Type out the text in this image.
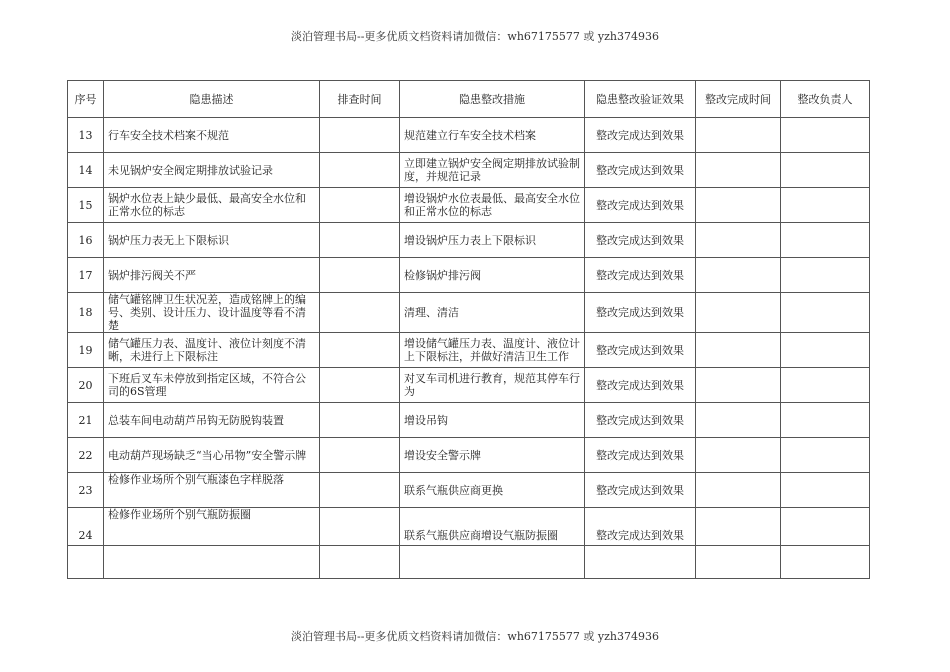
淡泊管理书局--更多优质文档资料请加微信：wh67175577 或 yzh374936
序号	隐患描述	排查时间	隐患整改措施	隐患整改验证效果	整改完成时间	整改负责人
13	行车安全技术档案不规范		规范建立行车安全技术档案	整改完成达到效果		
14	未见锅炉安全阀定期排放试验记录		立即建立锅炉安全阀定期排放试验制度，并规范记录	整改完成达到效果		
15	锅炉水位表上缺少最低、最高安全水位和正常水位的标志		增设锅炉水位表最低、最高安全水位和正常水位的标志	整改完成达到效果		
16	锅炉压力表无上下限标识		增设锅炉压力表上下限标识	整改完成达到效果		
17	锅炉排污阀关不严		检修锅炉排污阀	整改完成达到效果		
18	储气罐铭牌卫生状况差，造成铭牌上的编号、类别、设计压力、设计温度等看不清楚		清理、清洁	整改完成达到效果		
19	储气罐压力表、温度计、液位计刻度不清晰，未进行上下限标注		增设储气罐压力表、温度计、液位计上下限标注，并做好清洁卫生工作	整改完成达到效果		
20	下班后叉车未停放到指定区域，不符合公司的6S管理		对叉车司机进行教育，规范其停车行为	整改完成达到效果		
21	总装车间电动葫芦吊钩无防脱钩装置		增设吊钩	整改完成达到效果		
22	电动葫芦现场缺乏“当心吊物”安全警示牌		增设安全警示牌	整改完成达到效果		
23	检修作业场所个别气瓶漆色字样脱落		联系气瓶供应商更换	整改完成达到效果		
24	检修作业场所个别气瓶防振圈		联系气瓶供应商增设气瓶防振圈	整改完成达到效果		

淡泊管理书局--更多优质文档资料请加微信：wh67175577 或 yzh374936
